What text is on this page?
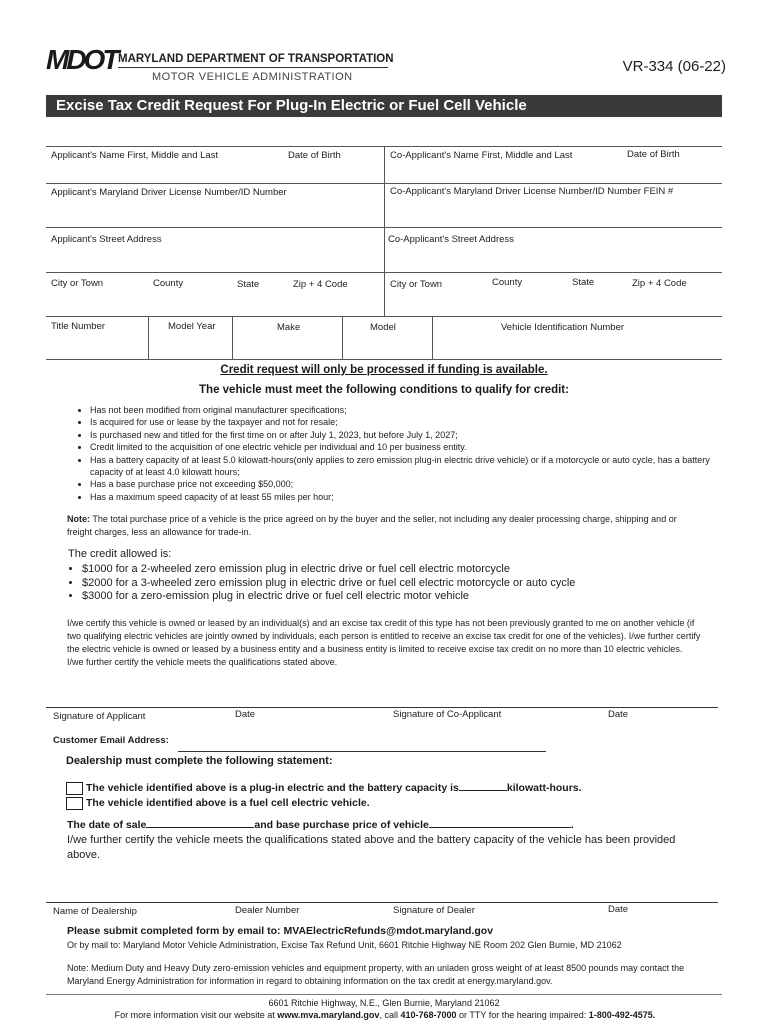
MDOT MARYLAND DEPARTMENT OF TRANSPORTATION
MOTOR VEHICLE ADMINISTRATION
VR-334 (06-22)
Excise Tax Credit Request For Plug-In Electric or Fuel Cell Vehicle
Applicant's Name First, Middle and Last	Date of Birth	Co-Applicant's Name First, Middle and Last	Date of Birth
Applicant's Maryland Driver License Number/ID Number	Co-Applicant's Maryland Driver License Number/ID Number FEIN #
Applicant's Street Address	Co-Applicant's Street Address
City or Town	County	State	Zip + 4 Code	City or Town	County	State	Zip + 4 Code
Title Number	Model Year	Make	Model	Vehicle Identification Number
Credit request will only be processed if funding is available.
The vehicle must meet the following conditions to qualify for credit:
• Has not been modified from original manufacturer specifications;
• Is acquired for use or lease by the taxpayer and not for resale;
• Is purchased new and titled for the first time on or after July 1, 2023, but before July 1, 2027;
• Credit limited to the acquisition of one electric vehicle per individual and 10 per business entity.
• Has a battery capacity of at least 5.0 kilowatt-hours(only applies to zero emission plug-in electric drive vehicle) or if a motorcycle or auto cycle, has a battery capacity of at least 4.0 kilowatt hours;
• Has a base purchase price not exceeding $50,000;
• Has a maximum speed capacity of at least 55 miles per hour;
Note: The total purchase price of a vehicle is the price agreed on by the buyer and the seller, not including any dealer processing charge, shipping and or freight charges, less an allowance for trade-in.
The credit allowed is:
• $1000 for a 2-wheeled zero emission plug in electric drive or fuel cell electric motorcycle
• $2000 for a 3-wheeled zero emission plug in electric drive or fuel cell electric motorcycle or auto cycle
• $3000 for a zero-emission plug in electric drive or fuel cell electric motor vehicle
I/we certify this vehicle is owned or leased by an individual(s) and an excise tax credit of this type has not been previously granted to me on another vehicle (if two qualifying electric vehicles are jointly owned by individuals, each person is entitled to receive an excise tax credit for one of the vehicles). I/we further certify the electric vehicle is owned or leased by a business entity and a business entity is limited to receive excise tax credit on no more than 10 electric vehicles. I/we further certify the vehicle meets the qualifications stated above.
Signature of Applicant	Date	Signature of Co-Applicant	Date
Customer Email Address:
Dealership must complete the following statement:
The vehicle identified above is a plug-in electric and the battery capacity is	kilowatt-hours.
The vehicle identified above is a fuel cell electric vehicle.
The date of sale	and base purchase price of vehicle	.
I/we further certify the vehicle meets the qualifications stated above and the battery capacity of the vehicle has been provided above.
Name of Dealership	Dealer Number	Signature of Dealer	Date
Please submit completed form by email to: MVAElectricRefunds@mdot.maryland.gov
Or by mail to: Maryland Motor Vehicle Administration, Excise Tax Refund Unit, 6601 Ritchie Highway NE Room 202 Glen Burnie, MD 21062
Note: Medium Duty and Heavy Duty zero-emission vehicles and equipment property, with an unladen gross weight of at least 8500 pounds may contact the Maryland Energy Administration for information in regard to obtaining information on the tax credit at energy.maryland.gov.
6601 Ritchie Highway, N.E., Glen Burnie, Maryland 21062
For more information visit our website at www.mva.maryland.gov, call 410-768-7000 or TTY for the hearing impaired: 1-800-492-4575.
